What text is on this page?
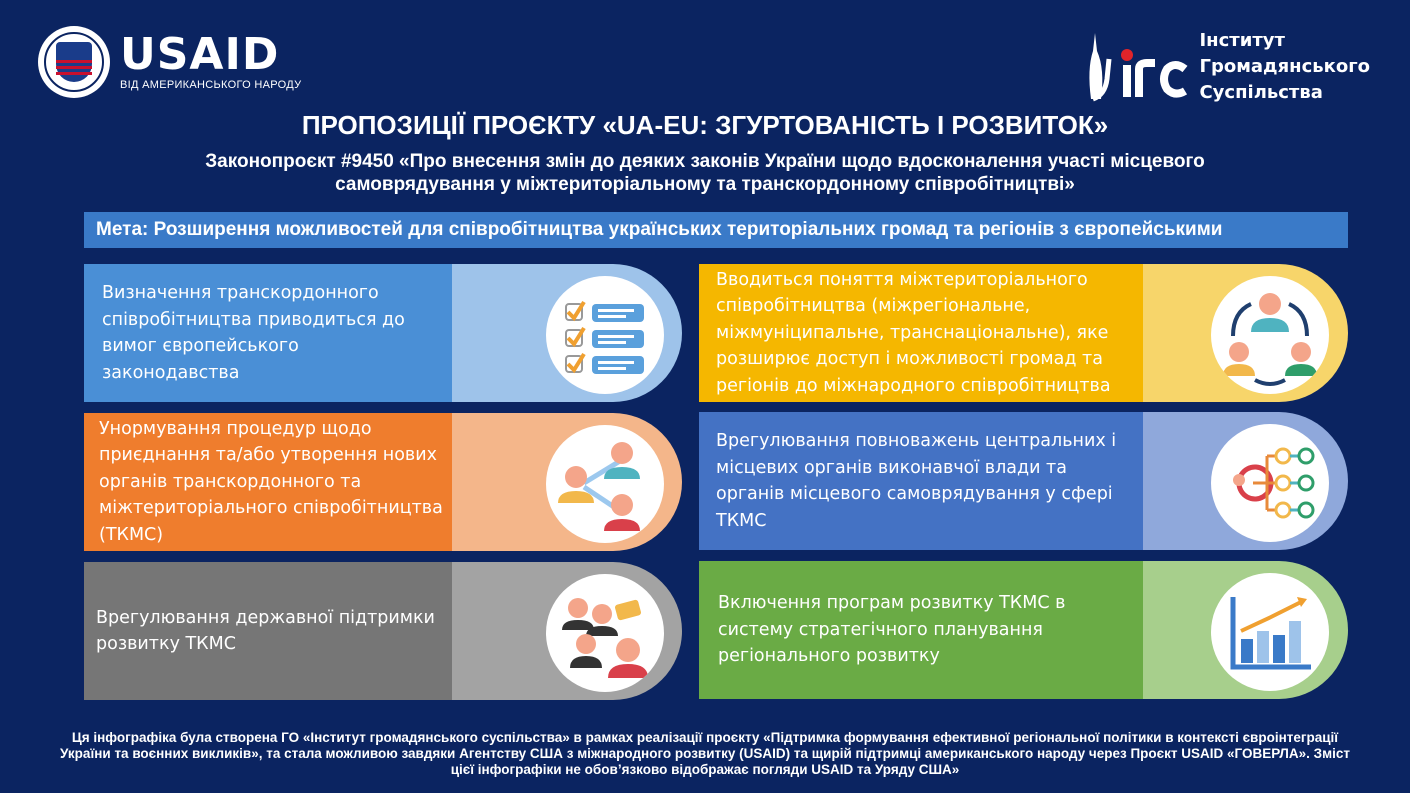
USAID
ВІД АМЕРИКАНСЬКОГО НАРОДУ
Інститут
Громадянського
Суспільства
ПРОПОЗИЦІЇ ПРОЄКТУ «UA-EU: ЗГУРТОВАНІСТЬ І РОЗВИТОК»
Законопроєкт #9450 «Про внесення змін до деяких законів України щодо вдосконалення участі місцевого самоврядування у міжтериторіальному та транскордонному співробітництві»
Мета: Розширення можливостей для співробітництва українських територіальних громад та регіонів з європейськими
Визначення транскордонного співробітництва приводиться до вимог європейського законодавства
Вводиться поняття міжтериторіального співробітництва (міжрегіональне, міжмуніципальне, транснаціональне), яке розширює доступ і можливості громад та регіонів до міжнародного співробітництва
Унормування процедур щодо приєднання та/або утворення нових органів транскордонного та міжтериторіального співробітництва (ТКМС)
Врегулювання повноважень центральних і місцевих органів виконавчої влади та органів місцевого самоврядування у сфері ТКМС
Врегулювання державної підтримки розвитку ТКМС
Включення програм розвитку ТКМС в систему стратегічного планування регіонального розвитку
Ця інфографіка була створена ГО «Інститут громадянського суспільства» в рамках реалізації проєкту «Підтримка формування ефективної регіональної політики в контексті євроінтеграції України та воєнних викликів», та стала можливою завдяки Агентству США з міжнародного розвитку (USAID) та щирій підтримці американського народу через Проєкт USAID «ГОВЕРЛА». Зміст цієї інфографіки не обов’язково відображає погляди USAID та Уряду США»
